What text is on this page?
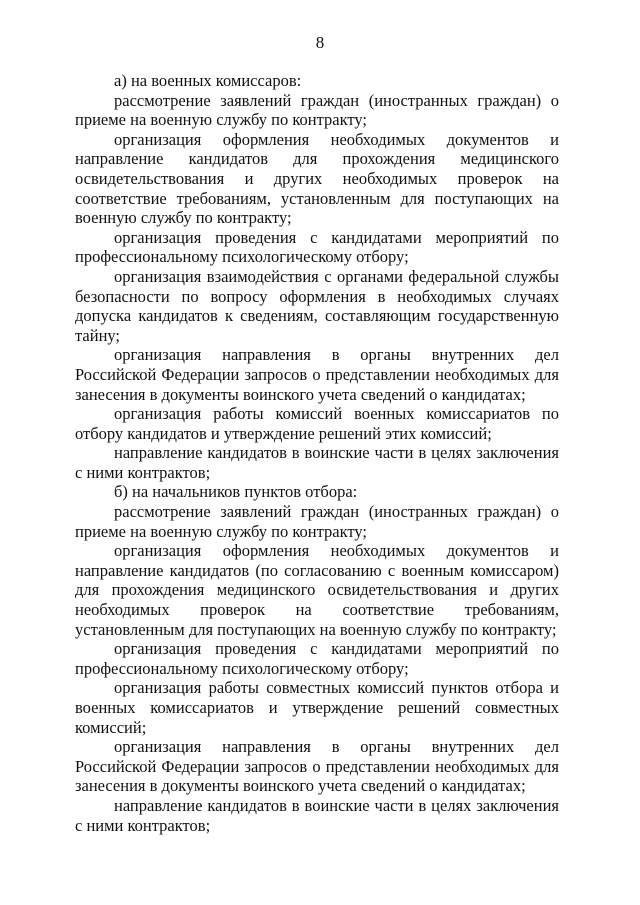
8

а) на военных комиссаров:

рассмотрение заявлений граждан (иностранных граждан) о приеме на военную службу по контракту;

организация оформления необходимых документов и направление кандидатов для прохождения медицинского освидетельствования и других необходимых проверок на соответствие требованиям, установленным для поступающих на военную службу по контракту;

организация проведения с кандидатами мероприятий по профессиональному психологическому отбору;

организация взаимодействия с органами федеральной службы безопасности по вопросу оформления в необходимых случаях допуска кандидатов к сведениям, составляющим государственную тайну;

организация направления в органы внутренних дел Российской Федерации запросов о представлении необходимых для занесения в документы воинского учета сведений о кандидатах;

организация работы комиссий военных комиссариатов по отбору кандидатов и утверждение решений этих комиссий;

направление кандидатов в воинские части в целях заключения с ними контрактов;

б) на начальников пунктов отбора:

рассмотрение заявлений граждан (иностранных граждан) о приеме на военную службу по контракту;

организация оформления необходимых документов и направление кандидатов (по согласованию с военным комиссаром) для прохождения медицинского освидетельствования и других необходимых проверок на соответствие требованиям, установленным для поступающих на военную службу по контракту;

организация проведения с кандидатами мероприятий по профессиональному психологическому отбору;

организация работы совместных комиссий пунктов отбора и военных комиссариатов и утверждение решений совместных комиссий;

организация направления в органы внутренних дел Российской Федерации запросов о представлении необходимых для занесения в документы воинского учета сведений о кандидатах;

направление кандидатов в воинские части в целях заключения с ними контрактов;
